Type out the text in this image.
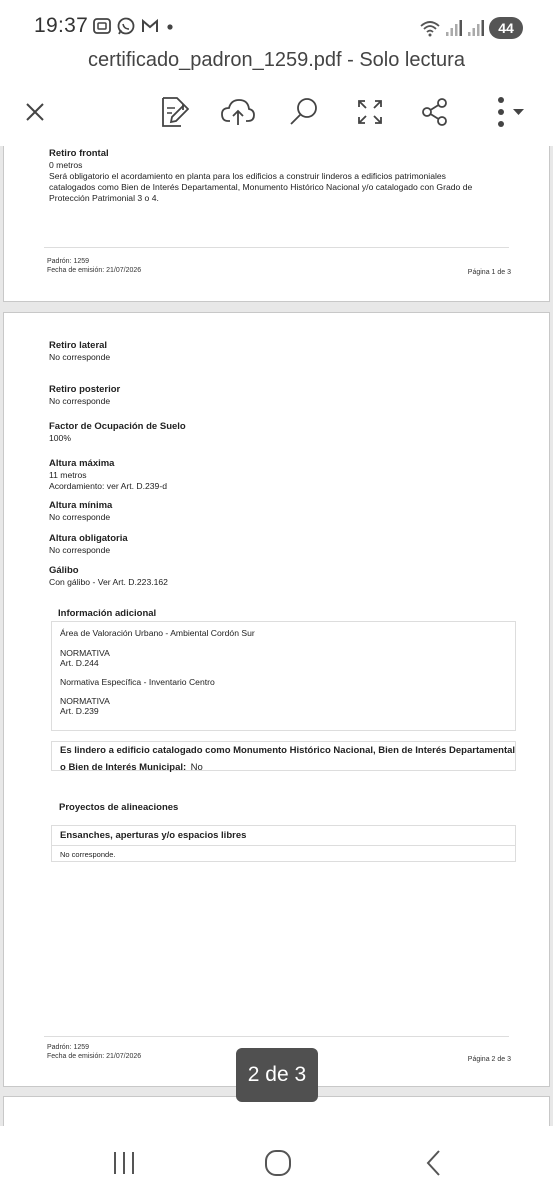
19:37	44
certificado_padron_1259.pdf - Solo lectura
Retiro frontal
0 metros
Será obligatorio el acordamiento en planta para los edificios a construir linderos a edificios patrimoniales
catalogados como Bien de Interés Departamental, Monumento Histórico Nacional y/o catalogado con Grado de
Protección Patrimonial 3 o 4.
Padrón: 1259
Fecha de emisión: 21/07/2026	Página 1 de 3
Retiro lateral
No corresponde
Retiro posterior
No corresponde
Factor de Ocupación de Suelo
100%
Altura máxima
11 metros
Acordamiento: ver Art. D.239-d
Altura mínima
No corresponde
Altura obligatoria
No corresponde
Gálibo
Con gálibo - Ver Art. D.223.162
Información adicional
Área de Valoración Urbano - Ambiental Cordón Sur
NORMATIVA
Art. D.244
Normativa Específica - Inventario Centro
NORMATIVA
Art. D.239
Es lindero a edificio catalogado como Monumento Histórico Nacional, Bien de Interés Departamental
o Bien de Interés Municipal: No
Proyectos de alineaciones
Ensanches, aperturas y/o espacios libres
No corresponde.
Padrón: 1259
Fecha de emisión: 21/07/2026	Página 2 de 3
2 de 3
